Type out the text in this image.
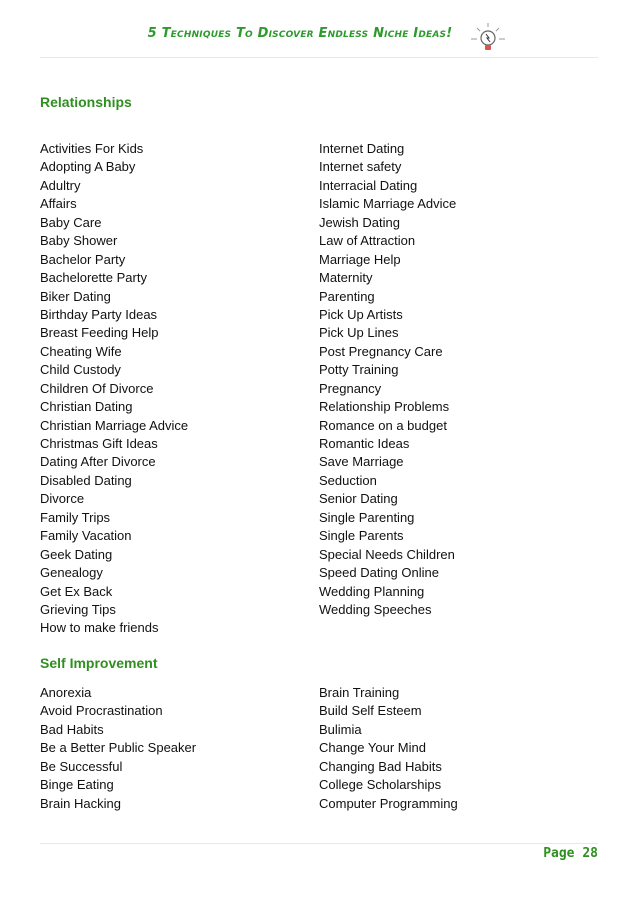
5 Techniques To Discover Endless Niche Ideas!
Relationships
Activities For Kids
Adopting A Baby
Adultry
Affairs
Baby Care
Baby Shower
Bachelor Party
Bachelorette Party
Biker Dating
Birthday Party Ideas
Breast Feeding Help
Cheating Wife
Child Custody
Children Of Divorce
Christian Dating
Christian Marriage Advice
Christmas Gift Ideas
Dating After Divorce
Disabled Dating
Divorce
Family Trips
Family Vacation
Geek Dating
Genealogy
Get Ex Back
Grieving Tips
How to make friends
Internet Dating
Internet safety
Interracial Dating
Islamic Marriage Advice
Jewish Dating
Law of Attraction
Marriage Help
Maternity
Parenting
Pick Up Artists
Pick Up Lines
Post Pregnancy Care
Potty Training
Pregnancy
Relationship Problems
Romance on a budget
Romantic Ideas
Save Marriage
Seduction
Senior Dating
Single Parenting
Single Parents
Special Needs Children
Speed Dating Online
Wedding Planning
Wedding Speeches
Self Improvement
Anorexia
Avoid Procrastination
Bad Habits
Be a Better Public Speaker
Be Successful
Binge Eating
Brain Hacking
Brain Training
Build Self Esteem
Bulimia
Change Your Mind
Changing Bad Habits
College Scholarships
Computer Programming
Page 28
